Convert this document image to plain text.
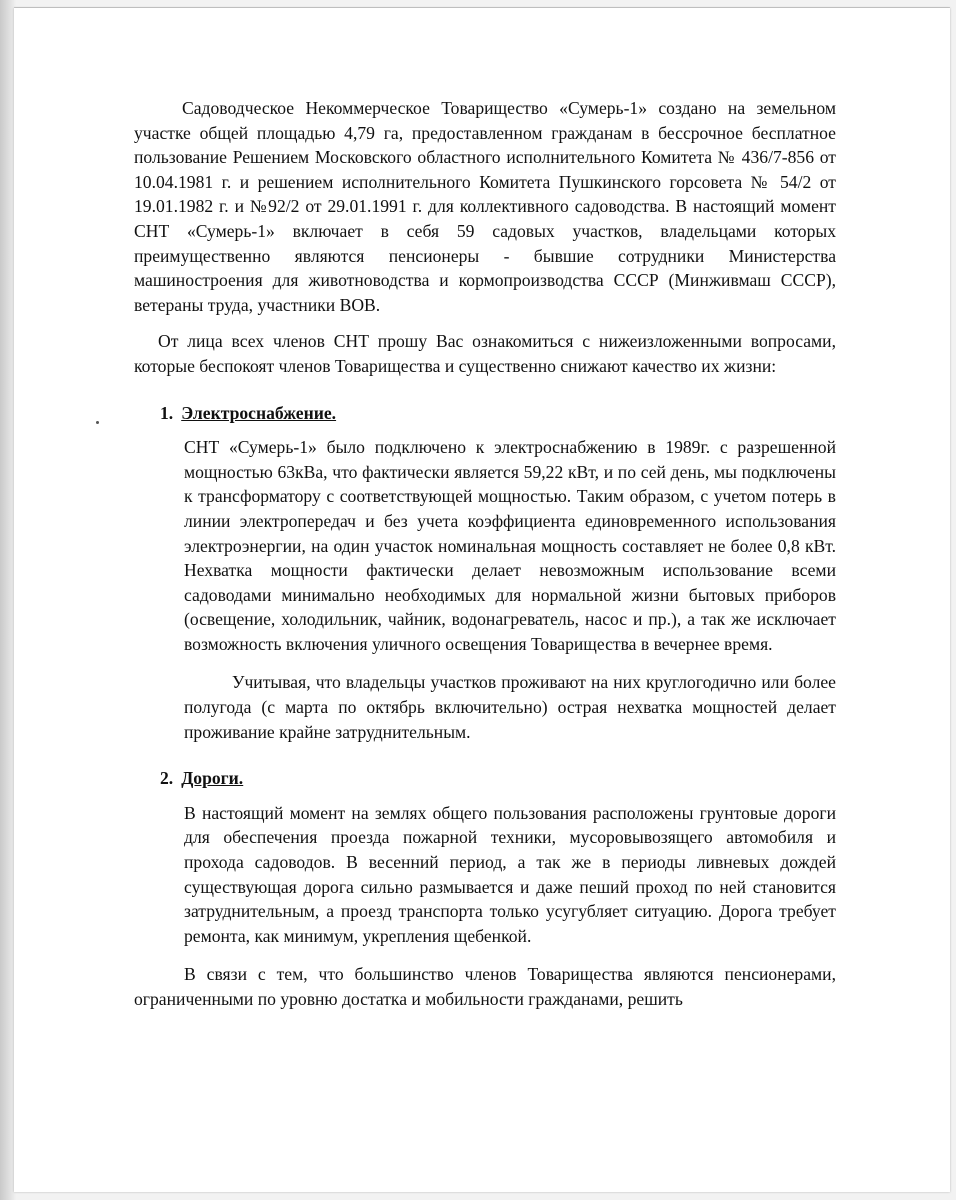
Садоводческое Некоммерческое Товарищество «Сумерь-1» создано на земельном участке общей площадью 4,79 га, предоставленном гражданам в бессрочное бесплатное пользование Решением Московского областного исполнительного Комитета № 436/7-856 от 10.04.1981 г. и решением исполнительного Комитета Пушкинского горсовета № 54/2 от 19.01.1982 г. и №92/2 от 29.01.1991 г. для коллективного садоводства. В настоящий момент СНТ «Сумерь-1» включает в себя 59 садовых участков, владельцами которых преимущественно являются пенсионеры - бывшие сотрудники Министерства машиностроения для животноводства и кормопроизводства СССР (Минживмаш СССР), ветераны труда, участники ВОВ.

От лица всех членов СНТ прошу Вас ознакомиться с нижеизложенными вопросами, которые беспокоят членов Товарищества и существенно снижают качество их жизни:

1. Электроснабжение.

СНТ «Сумерь-1» было подключено к электроснабжению в 1989г. с разрешенной мощностью 63кВа, что фактически является 59,22 кВт, и по сей день, мы подключены к трансформатору с соответствующей мощностью. Таким образом, с учетом потерь в линии электропередач и без учета коэффициента единовременного использования электроэнергии, на один участок номинальная мощность составляет не более 0,8 кВт. Нехватка мощности фактически делает невозможным использование всеми садоводами минимально необходимых для нормальной жизни бытовых приборов (освещение, холодильник, чайник, водонагреватель, насос и пр.), а так же исключает возможность включения уличного освещения Товарищества в вечернее время.

Учитывая, что владельцы участков проживают на них круглогодично или более полугода (с марта по октябрь включительно) острая нехватка мощностей делает проживание крайне затруднительным.

2. Дороги.

В настоящий момент на землях общего пользования расположены грунтовые дороги для обеспечения проезда пожарной техники, мусоровывозящего автомобиля и прохода садоводов. В весенний период, а так же в периоды ливневых дождей существующая дорога сильно размывается и даже пеший проход по ней становится затруднительным, а проезд транспорта только усугубляет ситуацию. Дорога требует ремонта, как минимум, укрепления щебенкой.

В связи с тем, что большинство членов Товарищества являются пенсионерами, ограниченными по уровню достатка и мобильности гражданами, решить
